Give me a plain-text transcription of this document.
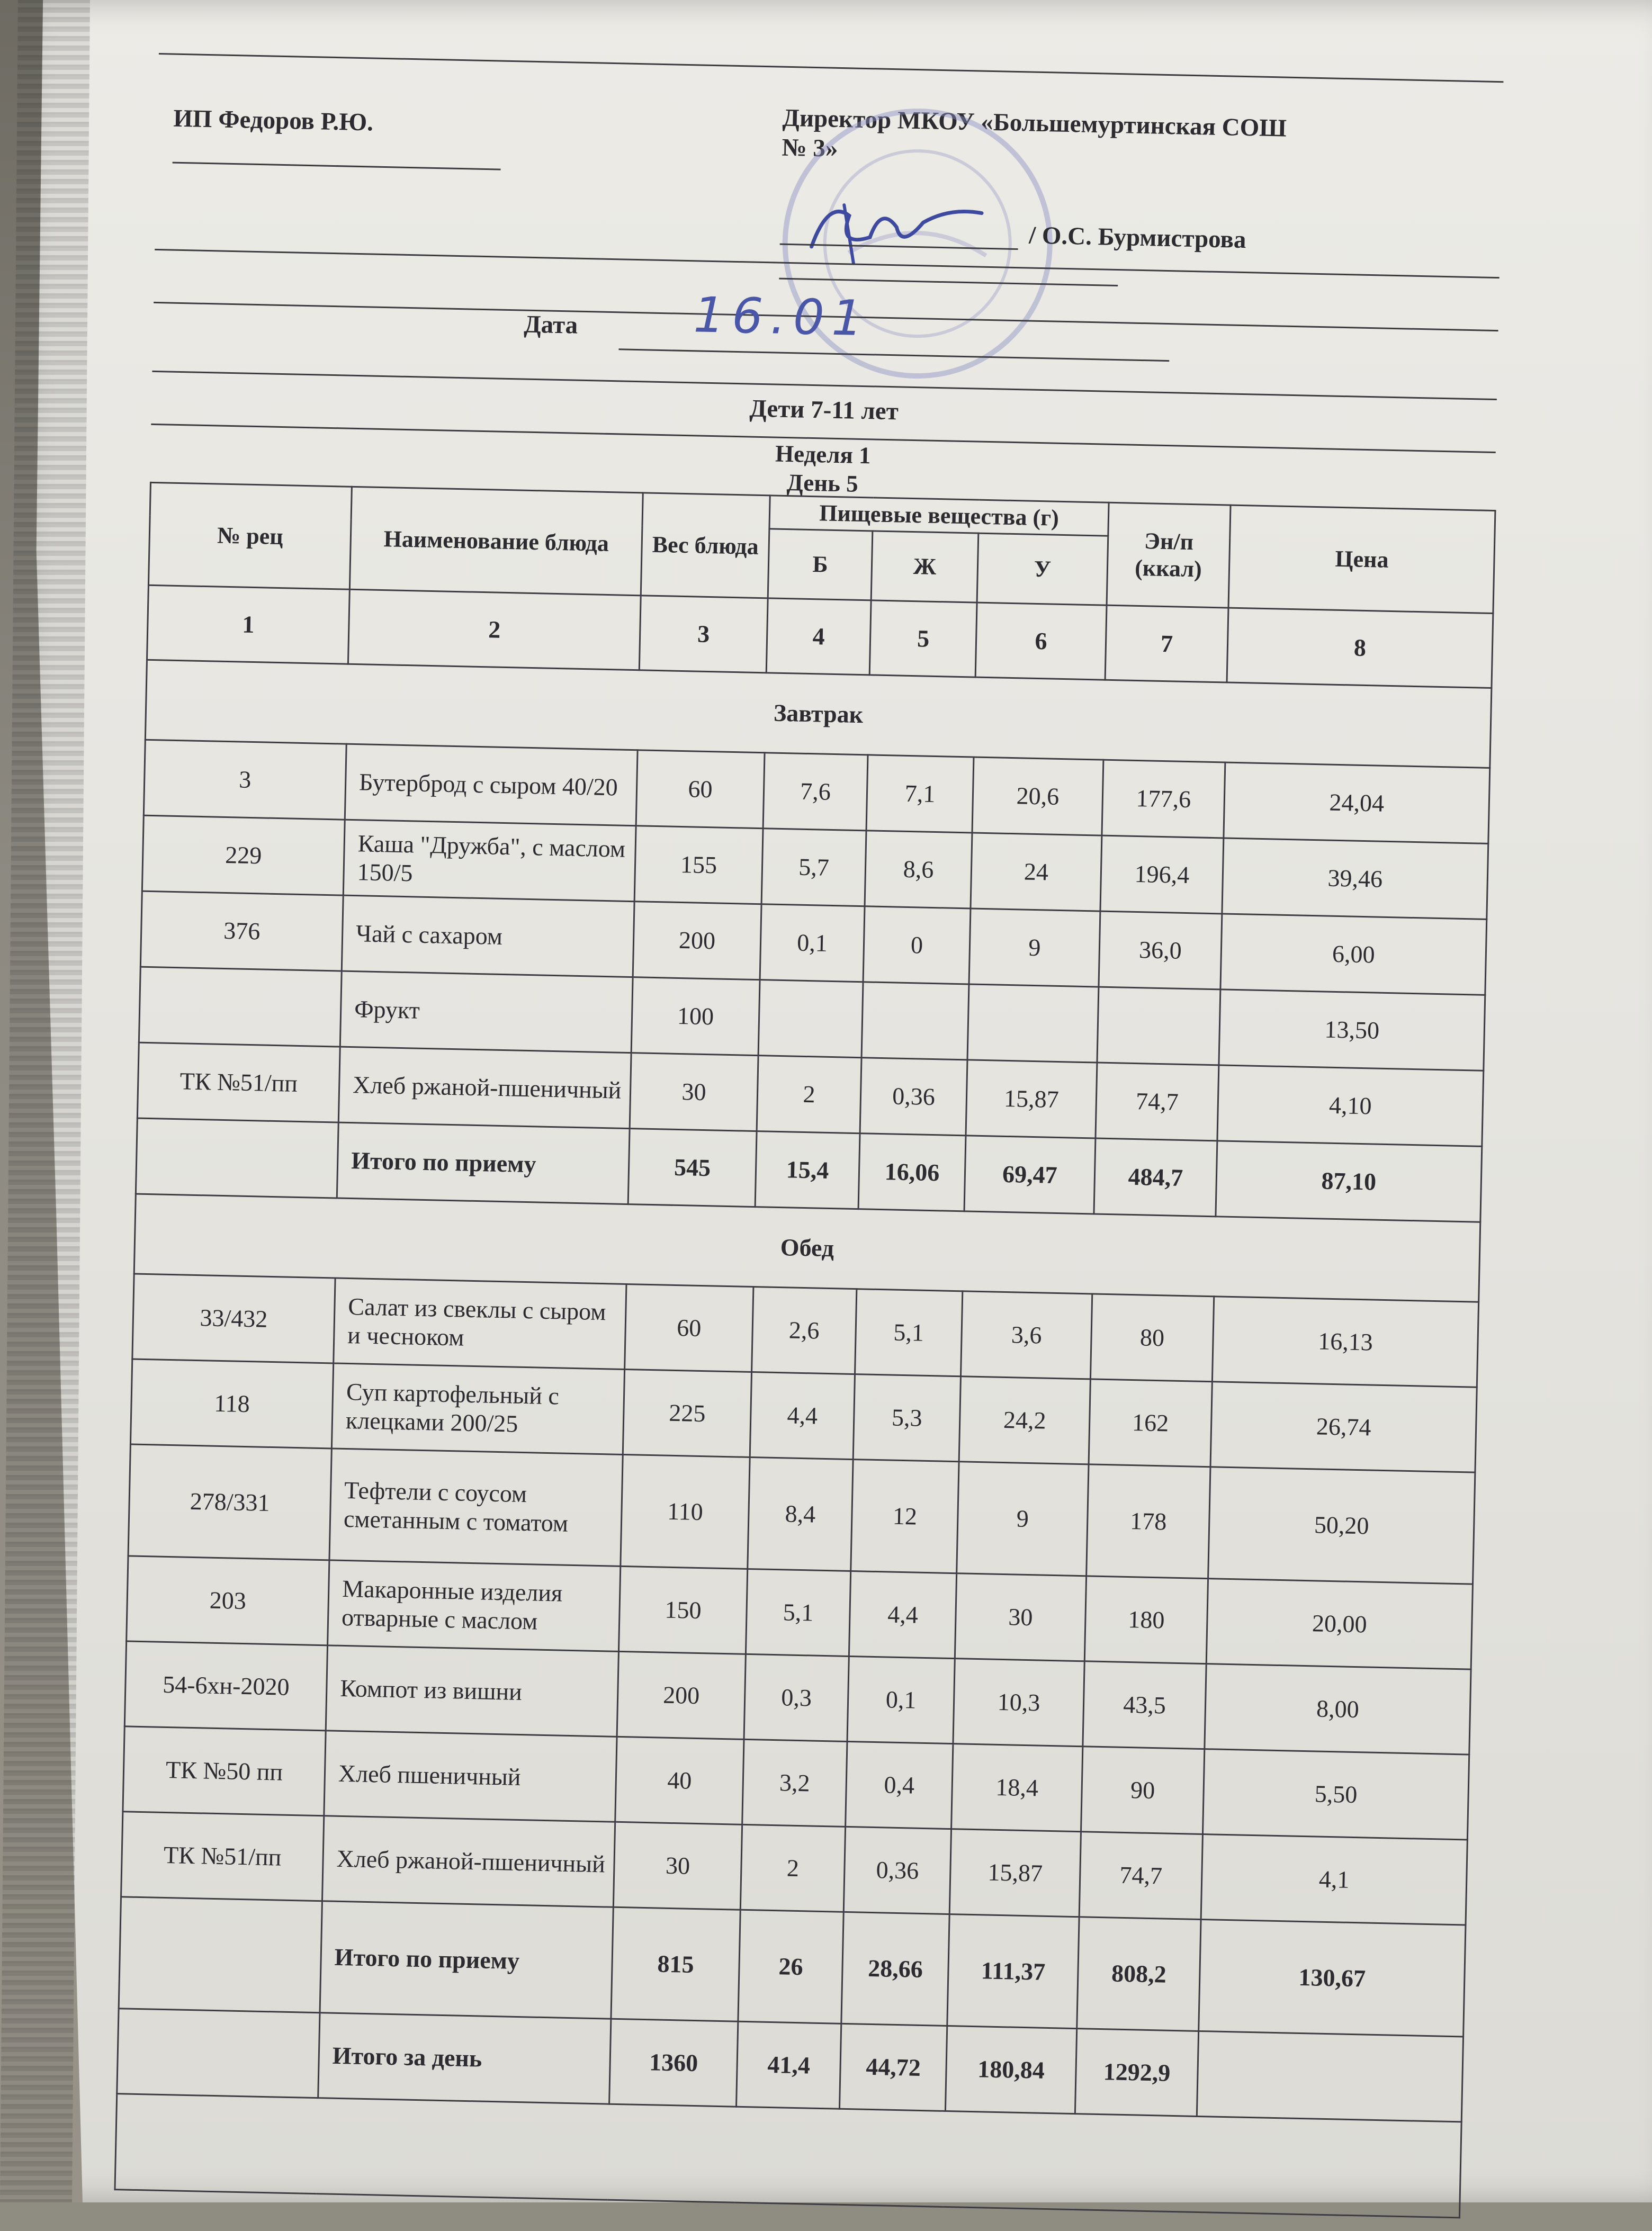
ИП Федоров Р.Ю.	Директор МКОУ «Большемуртинская СОШ
№ 3»
/ О.С. Бурмистрова
Дата 16.01
Дети 7-11 лет
Неделя 1
День 5
№ рец	Наименование блюда	Вес блюда	Пищевые вещества (г)			Эн/п (ккал)	Цена
			Б	Ж	У		
1	2	3	4	5	6	7	8
Завтрак							
3	Бутерброд с сыром 40/20	60	7,6	7,1	20,6	177,6	24,04
229	Каша "Дружба", с маслом 150/5	155	5,7	8,6	24	196,4	39,46
376	Чай с сахаром	200	0,1	0	9	36,0	6,00
	Фрукт	100					13,50
ТК №51/пп	Хлеб ржаной-пшеничный	30	2	0,36	15,87	74,7	4,10
	Итого по приему	545	15,4	16,06	69,47	484,7	87,10
Обед							
33/432	Салат из свеклы с сыром и чесноком	60	2,6	5,1	3,6	80	16,13
118	Суп картофельный с клецками 200/25	225	4,4	5,3	24,2	162	26,74
278/331	Тефтели с соусом сметанным с томатом	110	8,4	12	9	178	50,20
203	Макаронные изделия отварные с маслом	150	5,1	4,4	30	180	20,00
54-6хн-2020	Компот из вишни	200	0,3	0,1	10,3	43,5	8,00
ТК №50 пп	Хлеб пшеничный	40	3,2	0,4	18,4	90	5,50
ТК №51/пп	Хлеб ржаной-пшеничный	30	2	0,36	15,87	74,7	4,1
	Итого по приему	815	26	28,66	111,37	808,2	130,67
	Итого за день	1360	41,4	44,72	180,84	1292,9	
